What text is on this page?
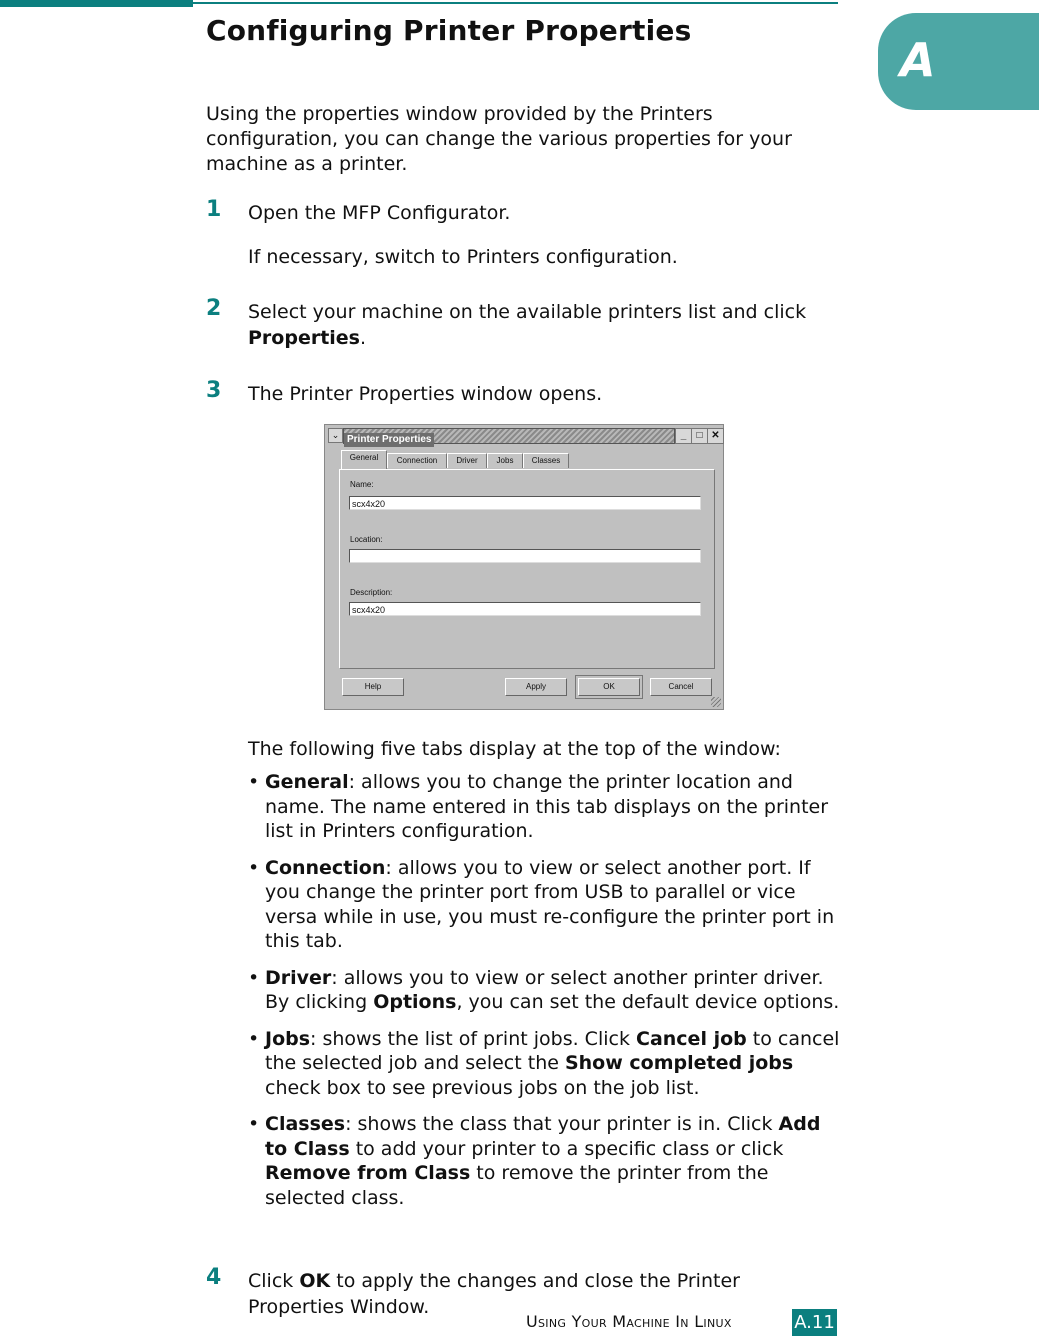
A
Configuring Printer Properties

Using the properties window provided by the Printers configuration, you can change the various properties for your machine as a printer.

1 Open the MFP Configurator.

If necessary, switch to Printers configuration.

2 Select your machine on the available printers list and click Properties.
3 The Printer Properties window opens.
⌄ Printer Properties	_	□ ✕
General	Connection	Driver	Jobs	Classes
Name:
scx4x20
Location:
Description:
scx4x20
Help	Apply	OK	Cancel

The following five tabs display at the top of the window:

• General: allows you to change the printer location and name. The name entered in this tab displays on the printer list in Printers configuration.
• Connection: allows you to view or select another port. If you change the printer port from USB to parallel or vice versa while in use, you must re-configure the printer port in this tab.
• Driver: allows you to view or select another printer driver. By clicking Options, you can set the default device options.
• Jobs: shows the list of print jobs. Click Cancel job to cancel the selected job and select the Show completed jobs check box to see previous jobs on the job list.
• Classes: shows the class that your printer is in. Click Add to Class to add your printer to a specific class or click Remove from Class to remove the printer from the selected class.
4 Click OK to apply the changes and close the Printer Properties Window.
Using Your Machine In Linux	A.11
